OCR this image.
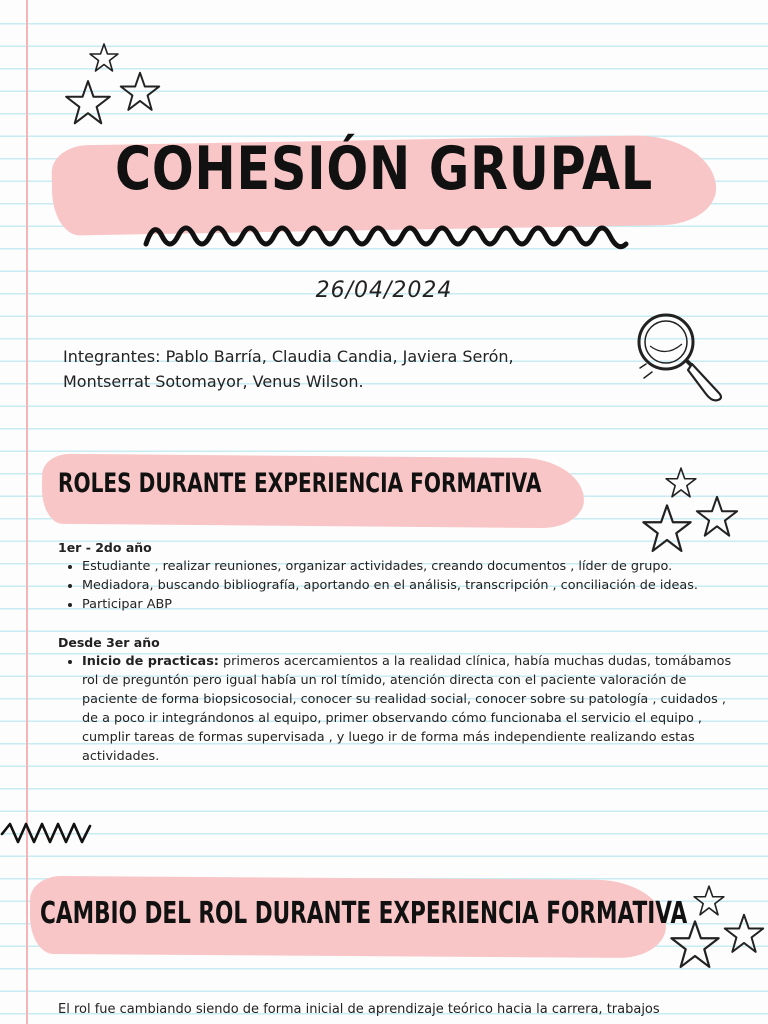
COHESIÓN GRUPAL
26/04/2024
Integrantes: Pablo Barría, Claudia Candia, Javiera Serón, Montserrat Sotomayor, Venus Wilson.
ROLES DURANTE EXPERIENCIA FORMATIVA
1er - 2do año
• Estudiante , realizar reuniones, organizar actividades, creando documentos , líder de grupo.
• Mediadora, buscando bibliografía, aportando en el análisis, transcripción , conciliación de ideas.
• Participar ABP
Desde 3er año
• Inicio de practicas: primeros acercamientos a la realidad clínica, había muchas dudas, tomábamos rol de preguntón pero igual había un rol tímido, atención directa con el paciente valoración de paciente de forma biopsicosocial, conocer su realidad social, conocer sobre su patología , cuidados , de a poco ir integrándonos al equipo, primer observando cómo funcionaba el servicio el equipo , cumplir tareas de formas supervisada , y luego ir de forma más independiente realizando estas actividades.
CAMBIO DEL ROL DURANTE EXPERIENCIA FORMATIVA
El rol fue cambiando siendo de forma inicial de aprendizaje teórico hacia la carrera, trabajos
